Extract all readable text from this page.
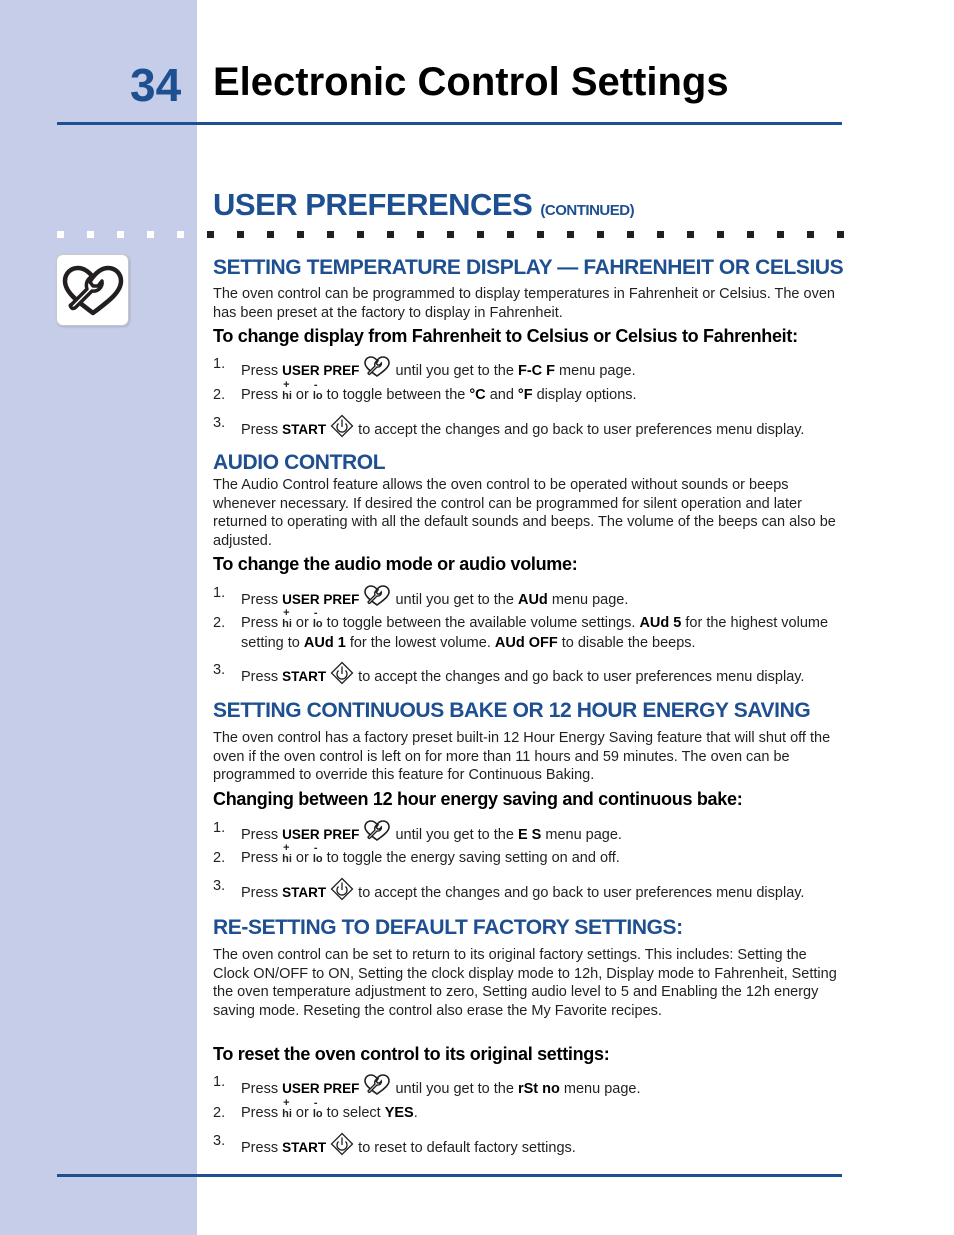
34 Electronic Control Settings
USER PREFERENCES (CONTINUED)
SETTING TEMPERATURE DISPLAY — FAHRENHEIT OR CELSIUS
The oven control can be programmed to display temperatures in Fahrenheit or Celsius. The oven has been preset at the factory to display in Fahrenheit.
To change display from Fahrenheit to Celsius or Celsius to Fahrenheit:
1. Press USER PREF until you get to the F-C F menu page.
2. Press
+
hi or
-
lo to toggle between the °C and °F display options.
3. Press START to accept the changes and go back to user preferences menu display.
AUDIO CONTROL
The Audio Control feature allows the oven control to be operated without sounds or beeps whenever necessary. If desired the control can be programmed for silent operation and later returned to operating with all the default sounds and beeps. The volume of the beeps can also be adjusted.
To change the audio mode or audio volume:
1. Press USER PREF until you get to the AUd menu page.
2. Press
+
hi or
-
lo to toggle between the available volume settings. AUd 5 for the highest volume setting to AUd 1 for the lowest volume. AUd OFF to disable the beeps.
3. Press START to accept the changes and go back to user preferences menu display.
SETTING CONTINUOUS BAKE OR 12 HOUR ENERGY SAVING
The oven control has a factory preset built-in 12 Hour Energy Saving feature that will shut off the oven if the oven control is left on for more than 11 hours and 59 minutes. The oven can be programmed to override this feature for Continuous Baking.
Changing between 12 hour energy saving and continuous bake:
1. Press USER PREF until you get to the E S menu page.
2. Press
+
hi or
-
lo to toggle the energy saving setting on and off.
3. Press START to accept the changes and go back to user preferences menu display.
RE-SETTING TO DEFAULT FACTORY SETTINGS:
The oven control can be set to return to its original factory settings. This includes: Setting the Clock ON/OFF to ON, Setting the clock display mode to 12h, Display mode to Fahrenheit, Setting the oven temperature adjustment to zero, Setting audio level to 5 and Enabling the 12h energy saving mode. Reseting the control also erase the My Favorite recipes.
To reset the oven control to its original settings:
1. Press USER PREF until you get to the rSt no menu page.
2. Press
+
hi or
-
lo to select YES.
3. Press START to reset to default factory settings.
